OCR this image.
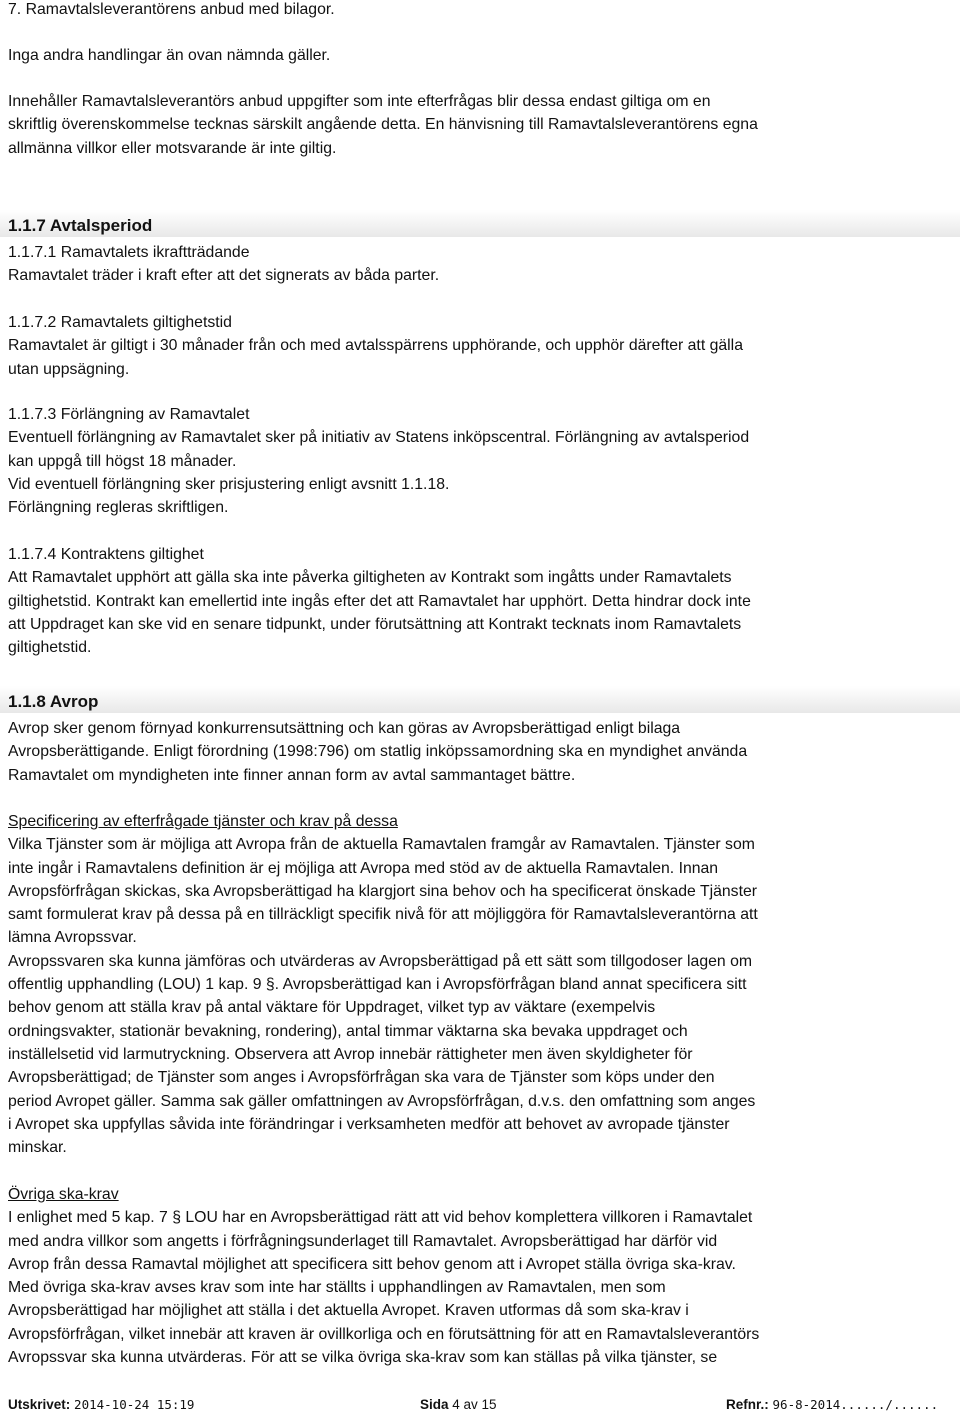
7. Ramavtalsleverantörens anbud med bilagor.

Inga andra handlingar än ovan nämnda gäller.

Innehåller Ramavtalsleverantörs anbud uppgifter som inte efterfrågas blir dessa endast giltiga om en

skriftlig överenskommelse tecknas särskilt angående detta. En hänvisning till Ramavtalsleverantörens egna

allmänna villkor eller motsvarande är inte giltig.

1.1.7 Avtalsperiod

1.1.7.1 Ramavtalets ikraftträdande

Ramavtalet träder i kraft efter att det signerats av båda parter.

1.1.7.2 Ramavtalets giltighetstid

Ramavtalet är giltigt i 30 månader från och med avtalsspärrens upphörande, och upphör därefter att gälla

utan uppsägning.

1.1.7.3 Förlängning av Ramavtalet

Eventuell förlängning av Ramavtalet sker på initiativ av Statens inköpscentral. Förlängning av avtalsperiod

kan uppgå till högst 18 månader.

Vid eventuell förlängning sker prisjustering enligt avsnitt 1.1.18.

Förlängning regleras skriftligen.

1.1.7.4 Kontraktens giltighet

Att Ramavtalet upphört att gälla ska inte påverka giltigheten av Kontrakt som ingåtts under Ramavtalets

giltighetstid. Kontrakt kan emellertid inte ingås efter det att Ramavtalet har upphört. Detta hindrar dock inte

att Uppdraget kan ske vid en senare tidpunkt, under förutsättning att Kontrakt tecknats inom Ramavtalets

giltighetstid.

1.1.8 Avrop

Avrop sker genom förnyad konkurrensutsättning och kan göras av Avropsberättigad enligt bilaga

Avropsberättigande. Enligt förordning (1998:796) om statlig inköpssamordning ska en myndighet använda

Ramavtalet om myndigheten inte finner annan form av avtal sammantaget bättre.

Specificering av efterfrågade tjänster och krav på dessa

Vilka Tjänster som är möjliga att Avropa från de aktuella Ramavtalen framgår av Ramavtalen. Tjänster som

inte ingår i Ramavtalens definition är ej möjliga att Avropa med stöd av de aktuella Ramavtalen. Innan

Avropsförfrågan skickas, ska Avropsberättigad ha klargjort sina behov och ha specificerat önskade Tjänster

samt formulerat krav på dessa på en tillräckligt specifik nivå för att möjliggöra för Ramavtalsleverantörna att

lämna Avropssvar.

Avropssvaren ska kunna jämföras och utvärderas av Avropsberättigad på ett sätt som tillgodoser lagen om

offentlig upphandling (LOU) 1 kap. 9 §. Avropsberättigad kan i Avropsförfrågan bland annat specificera sitt

behov genom att ställa krav på antal väktare för Uppdraget, vilket typ av väktare (exempelvis

ordningsvakter, stationär bevakning, rondering), antal timmar väktarna ska bevaka uppdraget och

inställelsetid vid larmutryckning. Observera att Avrop innebär rättigheter men även skyldigheter för

Avropsberättigad; de Tjänster som anges i Avropsförfrågan ska vara de Tjänster som köps under den

period Avropet gäller. Samma sak gäller omfattningen av Avropsförfrågan, d.v.s. den omfattning som anges

i Avropet ska uppfyllas såvida inte förändringar i verksamheten medför att behovet av avropade tjänster

minskar.

Övriga ska-krav

I enlighet med 5 kap. 7 § LOU har en Avropsberättigad rätt att vid behov komplettera villkoren i Ramavtalet

med andra villkor som angetts i förfrågningsunderlaget till Ramavtalet. Avropsberättigad har därför vid

Avrop från dessa Ramavtal möjlighet att specificera sitt behov genom att i Avropet ställa övriga ska-krav.

Med övriga ska-krav avses krav som inte har ställts i upphandlingen av Ramavtalen, men som

Avropsberättigad har möjlighet att ställa i det aktuella Avropet. Kraven utformas då som ska-krav i

Avropsförfrågan, vilket innebär att kraven är ovillkorliga och en förutsättning för att en Ramavtalsleverantörs

Avropssvar ska kunna utvärderas. För att se vilka övriga ska-krav som kan ställas på vilka tjänster, se

Utskrivet: 2014-10-24 15:19	Sida 4 av 15	Refnr.: 96-8-2014....../......
